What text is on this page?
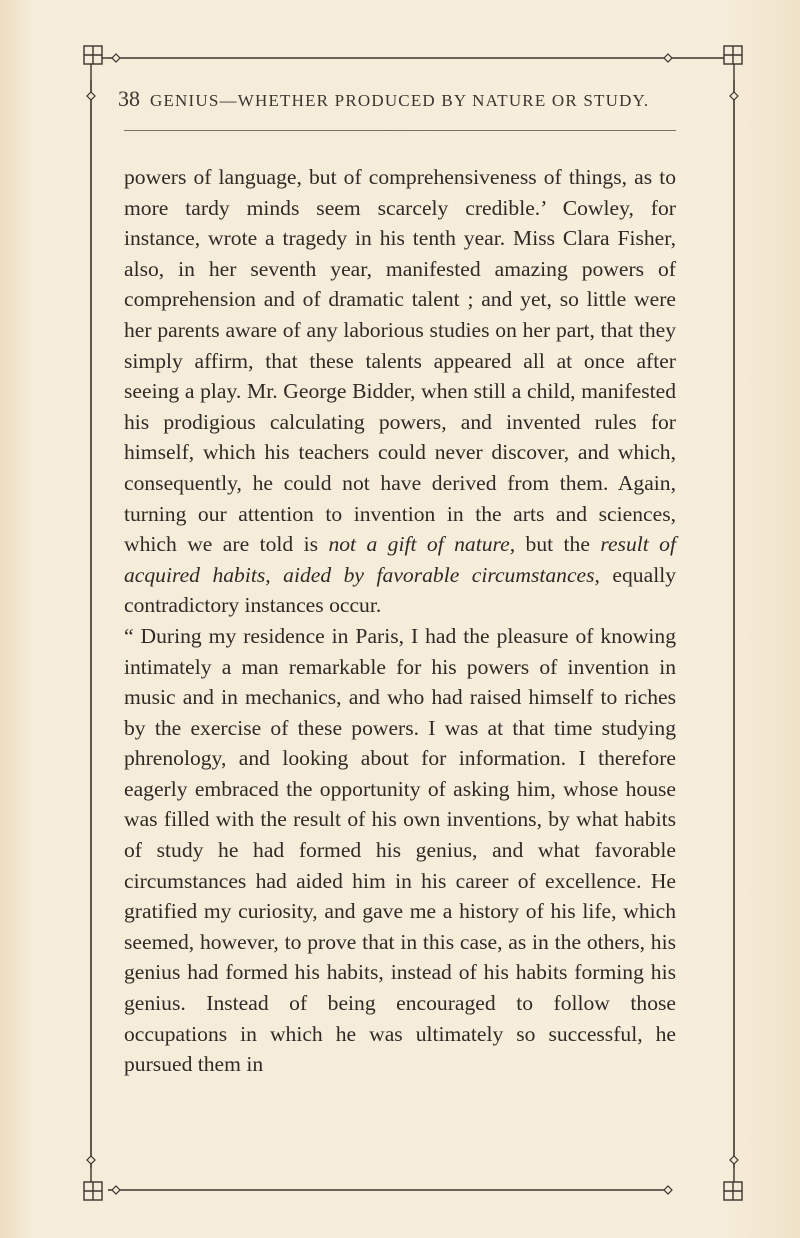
38 GENIUS—WHETHER PRODUCED BY NATURE OR STUDY.

powers of language, but of comprehensiveness of things, as to more tardy minds seem scarcely credible.’ Cowley, for instance, wrote a tragedy in his tenth year. Miss Clara Fisher, also, in her seventh year, manifested amazing powers of comprehension and of dramatic talent ; and yet, so little were her parents aware of any laborious studies on her part, that they simply affirm, that these talents appeared all at once after seeing a play. Mr. George Bidder, when still a child, manifested his prodigious calculating powers, and invented rules for himself, which his teachers could never discover, and which, consequently, he could not have derived from them. Again, turning our attention to invention in the arts and sciences, which we are told is not a gift of nature, but the result of acquired habits, aided by favorable circumstances, equally contradictory instances occur.

“ During my residence in Paris, I had the pleasure of knowing intimately a man remarkable for his powers of invention in music and in mechanics, and who had raised himself to riches by the exercise of these powers. I was at that time studying phrenology, and looking about for information. I therefore eagerly embraced the opportunity of asking him, whose house was filled with the result of his own inventions, by what habits of study he had formed his genius, and what favorable circumstances had aided him in his career of excellence. He gratified my curiosity, and gave me a history of his life, which seemed, however, to prove that in this case, as in the others, his genius had formed his habits, instead of his habits forming his genius. Instead of being encouraged to follow those occupations in which he was ultimately so successful, he pursued them in
